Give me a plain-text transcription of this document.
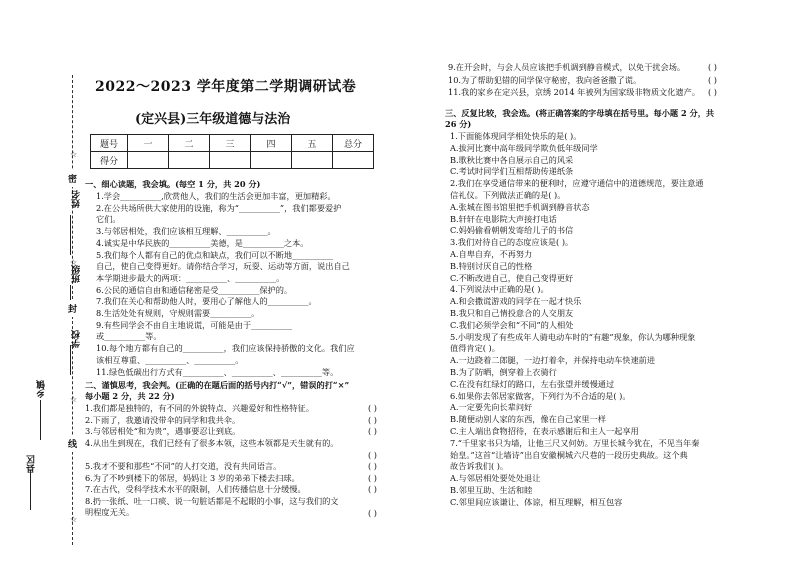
姓名
班级
学校
乡镇
县区
密
封
线
☆
☆
☆
☆
2022～2023 学年度第二学期调研试卷
(定兴县)三年级道德与法治
题号	一	二	三	四	五	总分
得分						
一、细心读题，我会填。(每空 1 分，共 20 分)
1.学会__________,欣赏他人，我们的生活会更加丰富，更加精彩。
2.在公共场所供大家使用的设施，称为“__________”，我们都要爱护
它们。
3.与邻居相处，我们应该相互理解、__________。
4.诚实是中华民族的__________美德，是__________之本。
5.我们每个人都有自己的优点和缺点，我们可以不断地__________
自己，使自己变得更好。请你结合学习，玩耍、运动等方面，说出自己
本学期进步最大的两项：__________、__________。
6.公民的通信自由和通信秘密是受__________保护的。
7.我们在关心和帮助他人时，要用心了解他人的__________。
8.生活处处有规则，守规则需要__________。
9.有些同学会不由自主地说谎，可能是由于__________
或__________等。
10.每个地方都有自己的__________，我们应该保持骄傲的文化。我们应
该相互尊重、__________、__________。
11.绿色低碳出行方式有__________、__________、__________等。
二、谨慎思考，我会判。(正确的在题后面的括号内打“√”，错误的打“×”
每小题 2 分，共 22 分)
1.我们都是独特的，有不同的外貌特点、兴趣爱好和性格特征。
2.下雨了，我邀请没带伞的同学和我共伞。
3.与邻居相处“和为贵”，遇事要忍让到底。
4.从出生到现在，我们已经有了很多本领，这些本领都是天生就有的。
5.我才不要和那些“不同”的人打交道，没有共同语言。
6.为了不吵到楼下的邻居，妈妈让 3 岁的弟弟下楼去扫球。
7.在古代，受科学技术水平的限制，人们传播信息十分缓慢。
8.扔一张纸、吐一口痰、说一句脏话都是不起眼的小事，这与我们的文
明程度无关。
( )
( )
( )
( )
( )
( )
( )
( )
9.在开会时，与会人员应该把手机调到静音模式，以免干扰会场。
10.为了帮助犯错的同学保守秘密，我向爸爸撒了谎。
11.我的家乡在定兴县，京绣 2014 年被列为国家级非物质文化遗产。
( )
( )
( )
三、反复比较，我会选。(将正确答案的字母填在括号里。每小题 2 分，共
26 分)
1.下面能体现同学相处快乐的是( )。
A.拔河比赛中高年级同学欺负低年级同学
B.歌秋比赛中各自展示自己的风采
C.考试时同学们互相帮助传递纸条
2.我们在享受通信带来的便利时，应遵守通信中的道德规范，要注意通
信礼仪。下列做法正确的是( )。
A.张城在图书馆里把手机调到静音状态
B.轩轩在电影院大声接打电话
C.妈妈偷看朝朝发寄给儿子的书信
3.我们对待自己的态度应该是( )。
A.自卑自弃，不再努力
B.特别讨厌自己的性格
C.不断改进自己，使自己变得更好
4.下列说法中正确的是( )。
A.和会撒谎游戏的同学在一起才快乐
B.我只和自己情投意合的人交朋友
C.我们必须学会和“不同”的人相处
5.小明发现了有些成年人骑电动车时的“有趣”现象，你认为哪种现象
值得肯定( )。
A.一边跷着二郎腿，一边打着伞，并保持电动车快速前进
B.为了防晒，倒穿着上衣骑行
C.在没有红绿灯的路口，左右张望并缓慢通过
6.如果你去邻居家做客，下列行为不合适的是( )。
A.一定要先向长辈问好
B.随便动别人家的东西，像在自己家里一样
C.主人端出食物招待，在表示感谢后和主人一起享用
7.“千里家书只为墙，让他三尺又何妨。万里长城今犹在，不见当年秦
始皇。”这首“让墙诗”出自安徽桐城六尺巷的一段历史典故。这个典
故告诉我们( )。
A.与邻居相处要处处退让
B.邻里互助、生活和睦
C.邻里间应该谦让、体谅，相互理解，相互包容
